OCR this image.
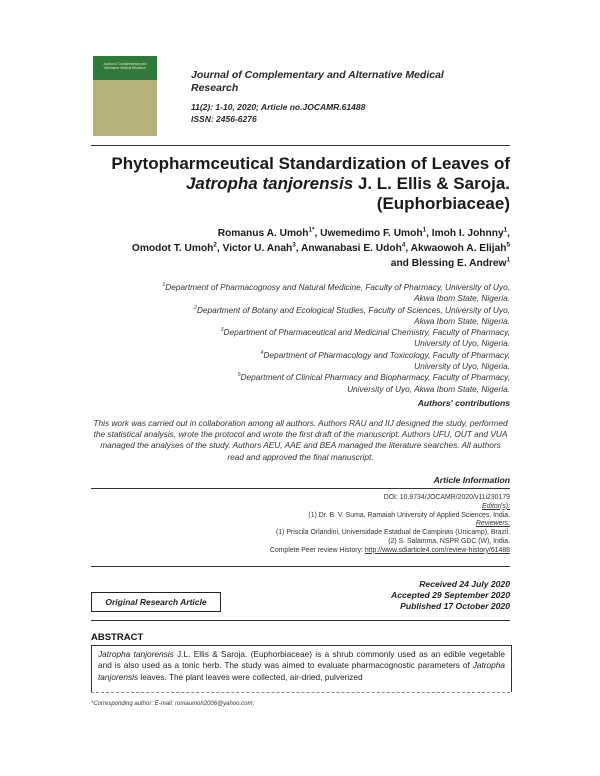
Journal of Complementary and Alternative Medical Research
Journal of Complementary and Alternative Medical Research
11(2): 1-10, 2020; Article no.JOCAMR.61488
ISSN: 2456-6276
Phytopharmceutical Standardization of Leaves of
Jatropha tanjorensis J. L. Ellis & Saroja.
(Euphorbiaceae)
Romanus A. Umoh$^{1*}$, Uwemedimo F. Umoh$^1$, Imoh I. Johnny$^1$,
Omodot T. Umoh$^2$, Victor U. Anah$^3$, Anwanabasi E. Udoh$^4$, Akwaowoh A. Elijah$^5$
and Blessing E. Andrew$^1$
$^1$Department of Pharmacognosy and Natural Medicine, Faculty of Pharmacy, University of Uyo,
Akwa Ibom State, Nigeria.
$^2$Department of Botany and Ecological Studies, Faculty of Sciences, University of Uyo,
Akwa Ibom State, Nigeria.
$^3$Department of Pharmaceutical and Medicinal Chemistry, Faculty of Pharmacy,
University of Uyo, Nigeria.
$^4$Department of Pharmacology and Toxicology, Faculty of Pharmacy,
University of Uyo, Nigeria.
$^5$Department of Clinical Pharmacy and Biopharmacy, Faculty of Pharmacy,
University of Uyo, Akwa Ibom State, Nigeria.
Authors' contributions
This work was carried out in collaboration among all authors. Authors RAU and IIJ designed the study, performed the statistical analysis, wrote the protocol and wrote the first draft of the manuscript. Authors UFU, OUT and VUA managed the analyses of the study. Authors AEU, AAE and BEA managed the literature searches. All authors read and approved the final manuscript.
Article Information
DOI: 10.9734/JOCAMR/2020/v11i230179
Editor(s):
(1) Dr. B. V. Suma, Ramaiah University of Applied Sciences, India.
Reviewers:
(1) Priscila Orlandini, Universidade Estadual de Campinas (Unicamp), Brazil.
(2) S. Salamma, NSPR GDC (W), India.
Complete Peer review History: http://www.sdiarticle4.com/review-history/61488
Received 24 July 2020
Accepted 29 September 2020
Published 17 October 2020
Original Research Article
ABSTRACT
Jatropha tanjorensis J.L. Ellis & Saroja. (Euphorbiaceae) is a shrub commonly used as an edible vegetable and is also used as a tonic herb. The study was aimed to evaluate pharmacognostic parameters of Jatropha tanjorensis leaves. The plant leaves were collected, air-dried, pulverized
*Corresponding author: E-mail: romaumoh2006@yahoo.com;
